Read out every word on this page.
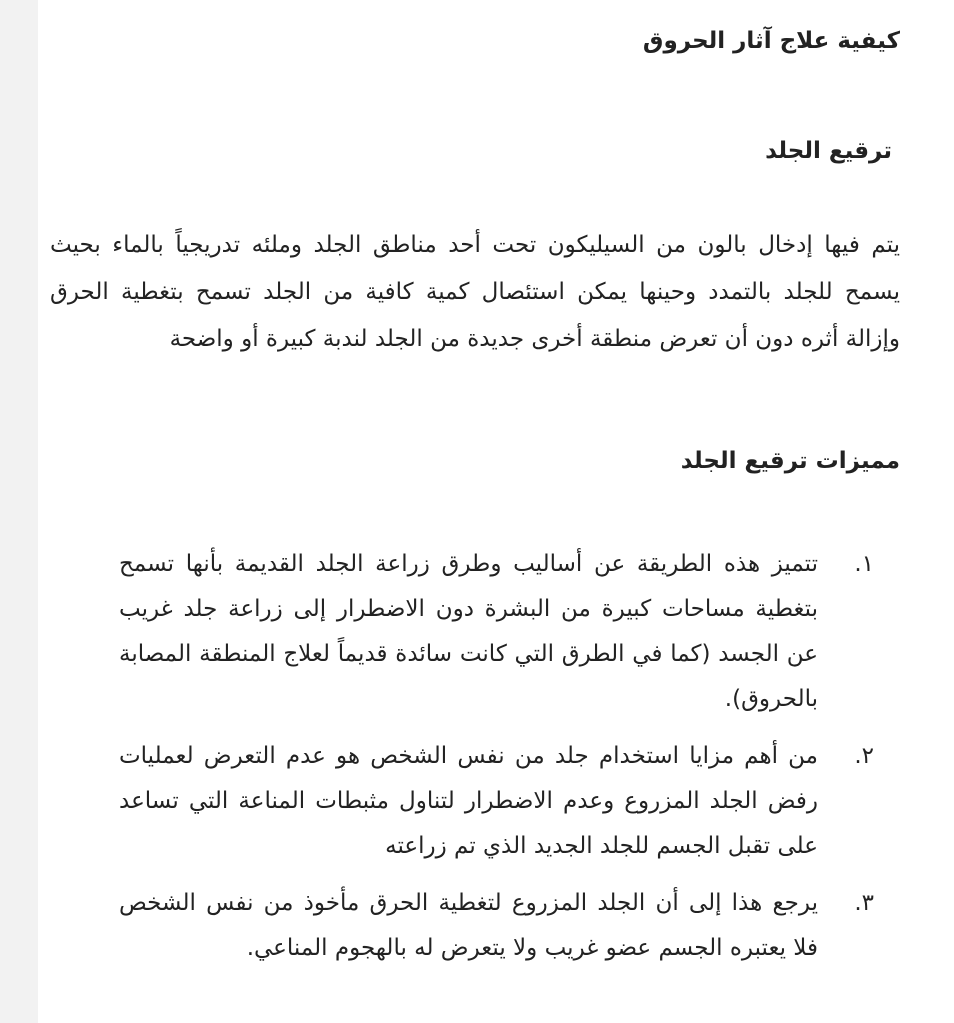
كيفية علاج آثار الحروق
ترقيع الجلد

يتم فيها إدخال بالون من السيليكون تحت أحد مناطق الجلد وملئه تدريجياً بالماء بحيث يسمح للجلد بالتمدد وحينها يمكن استئصال كمية كافية من الجلد تسمح بتغطية الحرق وإزالة أثره دون أن تعرض منطقة أخرى جديدة من الجلد لندبة كبيرة أو واضحة

مميزات ترقيع الجلد
١.
تتميز هذه الطريقة عن أساليب وطرق زراعة الجلد القديمة بأنها تسمح بتغطية مساحات كبيرة من البشرة دون الاضطرار إلى زراعة جلد غريب عن الجسد (كما في الطرق التي كانت سائدة قديماً لعلاج المنطقة المصابة بالحروق).
٢.
من أهم مزايا استخدام جلد من نفس الشخص هو عدم التعرض لعمليات رفض الجلد المزروع وعدم الاضطرار لتناول مثبطات المناعة التي تساعد على تقبل الجسم للجلد الجديد الذي تم زراعته
٣.
يرجع هذا إلى أن الجلد المزروع لتغطية الحرق مأخوذ من نفس الشخص فلا يعتبره الجسم عضو غريب ولا يتعرض له بالهجوم المناعي.
